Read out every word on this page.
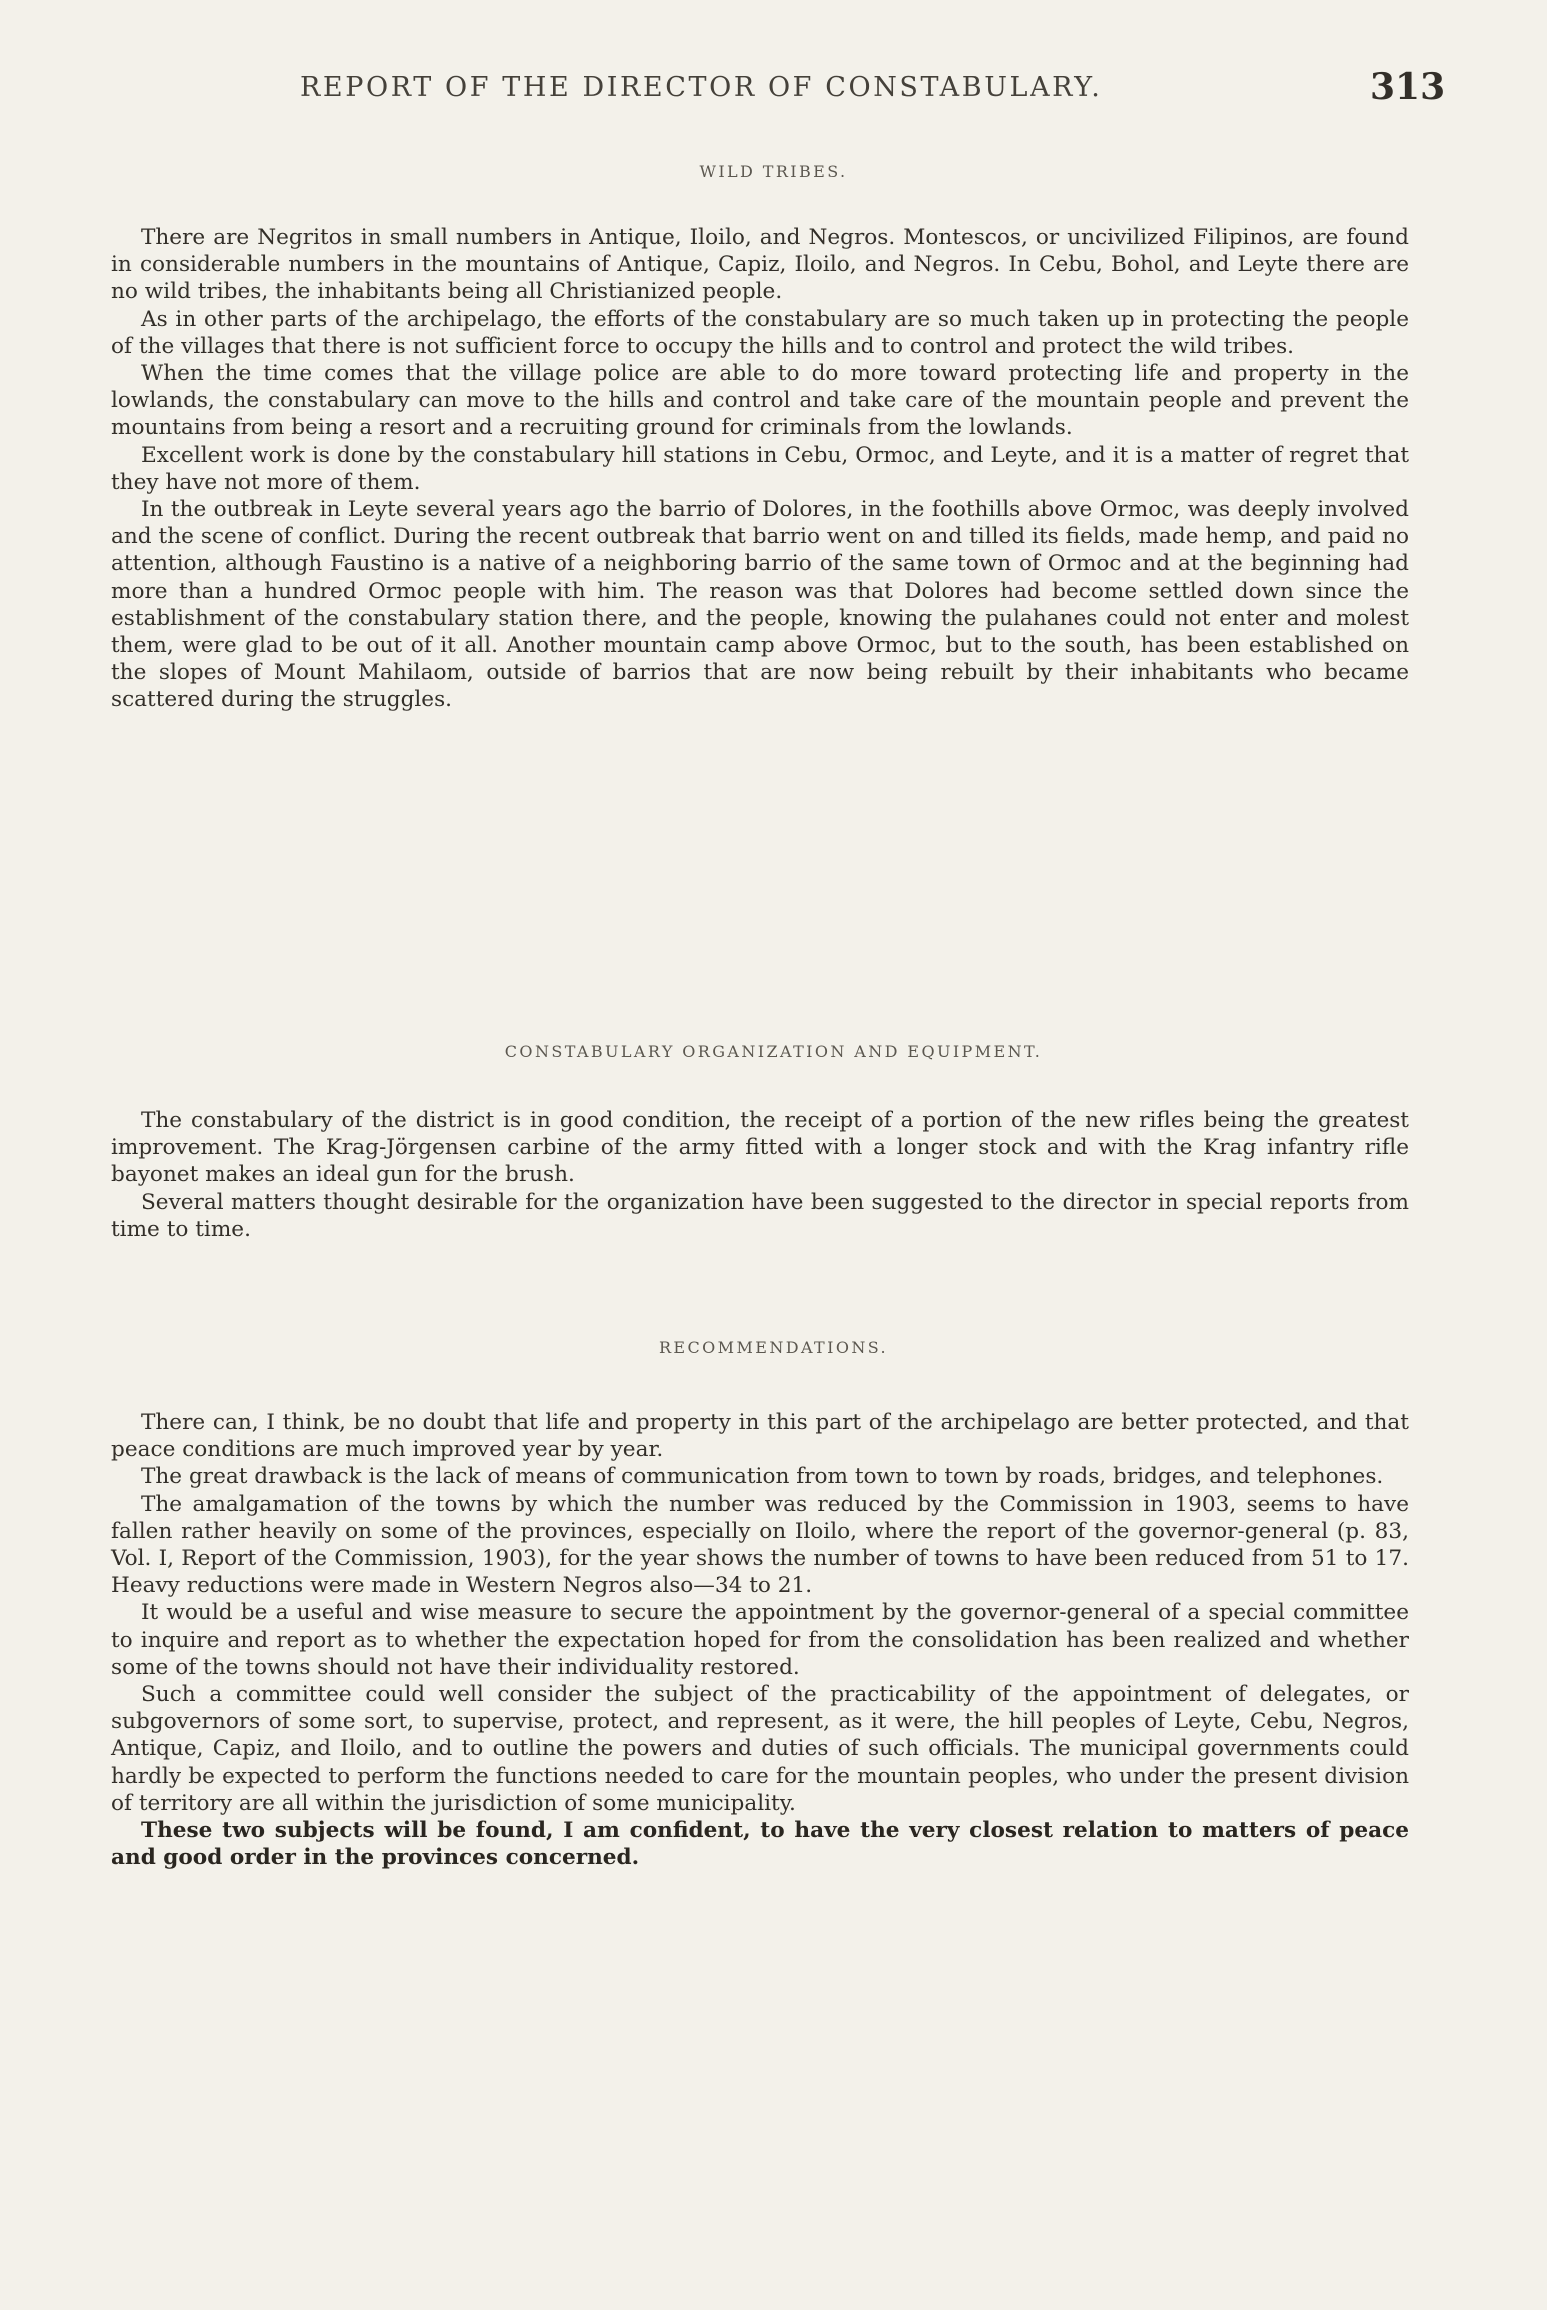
REPORT OF THE DIRECTOR OF CONSTABULARY.	313
WILD TRIBES.

There are Negritos in small numbers in Antique, Iloilo, and Negros. Montescos, or uncivilized Filipinos, are found in considerable numbers in the mountains of Antique, Capiz, Iloilo, and Negros. In Cebu, Bohol, and Leyte there are no wild tribes, the inhabitants being all Christianized people.

As in other parts of the archipelago, the efforts of the constabulary are so much taken up in protecting the people of the villages that there is not sufficient force to occupy the hills and to control and protect the wild tribes.

When the time comes that the village police are able to do more toward protecting life and property in the lowlands, the constabulary can move to the hills and control and take care of the mountain people and prevent the mountains from being a resort and a recruiting ground for criminals from the lowlands.

Excellent work is done by the constabulary hill stations in Cebu, Ormoc, and Leyte, and it is a matter of regret that they have not more of them.

In the outbreak in Leyte several years ago the barrio of Dolores, in the foothills above Ormoc, was deeply involved and the scene of conflict. During the recent outbreak that barrio went on and tilled its fields, made hemp, and paid no attention, although Faustino is a native of a neighboring barrio of the same town of Ormoc and at the beginning had more than a hundred Ormoc people with him. The reason was that Dolores had become settled down since the establishment of the constabulary station there, and the people, knowing the pulahanes could not enter and molest them, were glad to be out of it all. Another mountain camp above Ormoc, but to the south, has been established on the slopes of Mount Mahilaom, outside of barrios that are now being rebuilt by their inhabitants who became scattered during the struggles.

CONSTABULARY ORGANIZATION AND EQUIPMENT.

The constabulary of the district is in good condition, the receipt of a portion of the new rifles being the greatest improvement. The Krag-Jörgensen carbine of the army fitted with a longer stock and with the Krag infantry rifle bayonet makes an ideal gun for the brush.

Several matters thought desirable for the organization have been suggested to the director in special reports from time to time.

RECOMMENDATIONS.

There can, I think, be no doubt that life and property in this part of the archipelago are better protected, and that peace conditions are much improved year by year.

The great drawback is the lack of means of communication from town to town by roads, bridges, and telephones.

The amalgamation of the towns by which the number was reduced by the Commission in 1903, seems to have fallen rather heavily on some of the provinces, especially on Iloilo, where the report of the governor-general (p. 83, Vol. I, Report of the Commission, 1903), for the year shows the number of towns to have been reduced from 51 to 17. Heavy reductions were made in Western Negros also—34 to 21.

It would be a useful and wise measure to secure the appointment by the governor-general of a special committee to inquire and report as to whether the expectation hoped for from the consolidation has been realized and whether some of the towns should not have their individuality restored.

Such a committee could well consider the subject of the practicability of the appointment of delegates, or subgovernors of some sort, to supervise, protect, and represent, as it were, the hill peoples of Leyte, Cebu, Negros, Antique, Capiz, and Iloilo, and to outline the powers and duties of such officials. The municipal governments could hardly be expected to perform the functions needed to care for the mountain peoples, who under the present division of territory are all within the jurisdiction of some municipality.

These two subjects will be found, I am confident, to have the very closest relation to matters of peace and good order in the provinces concerned.
